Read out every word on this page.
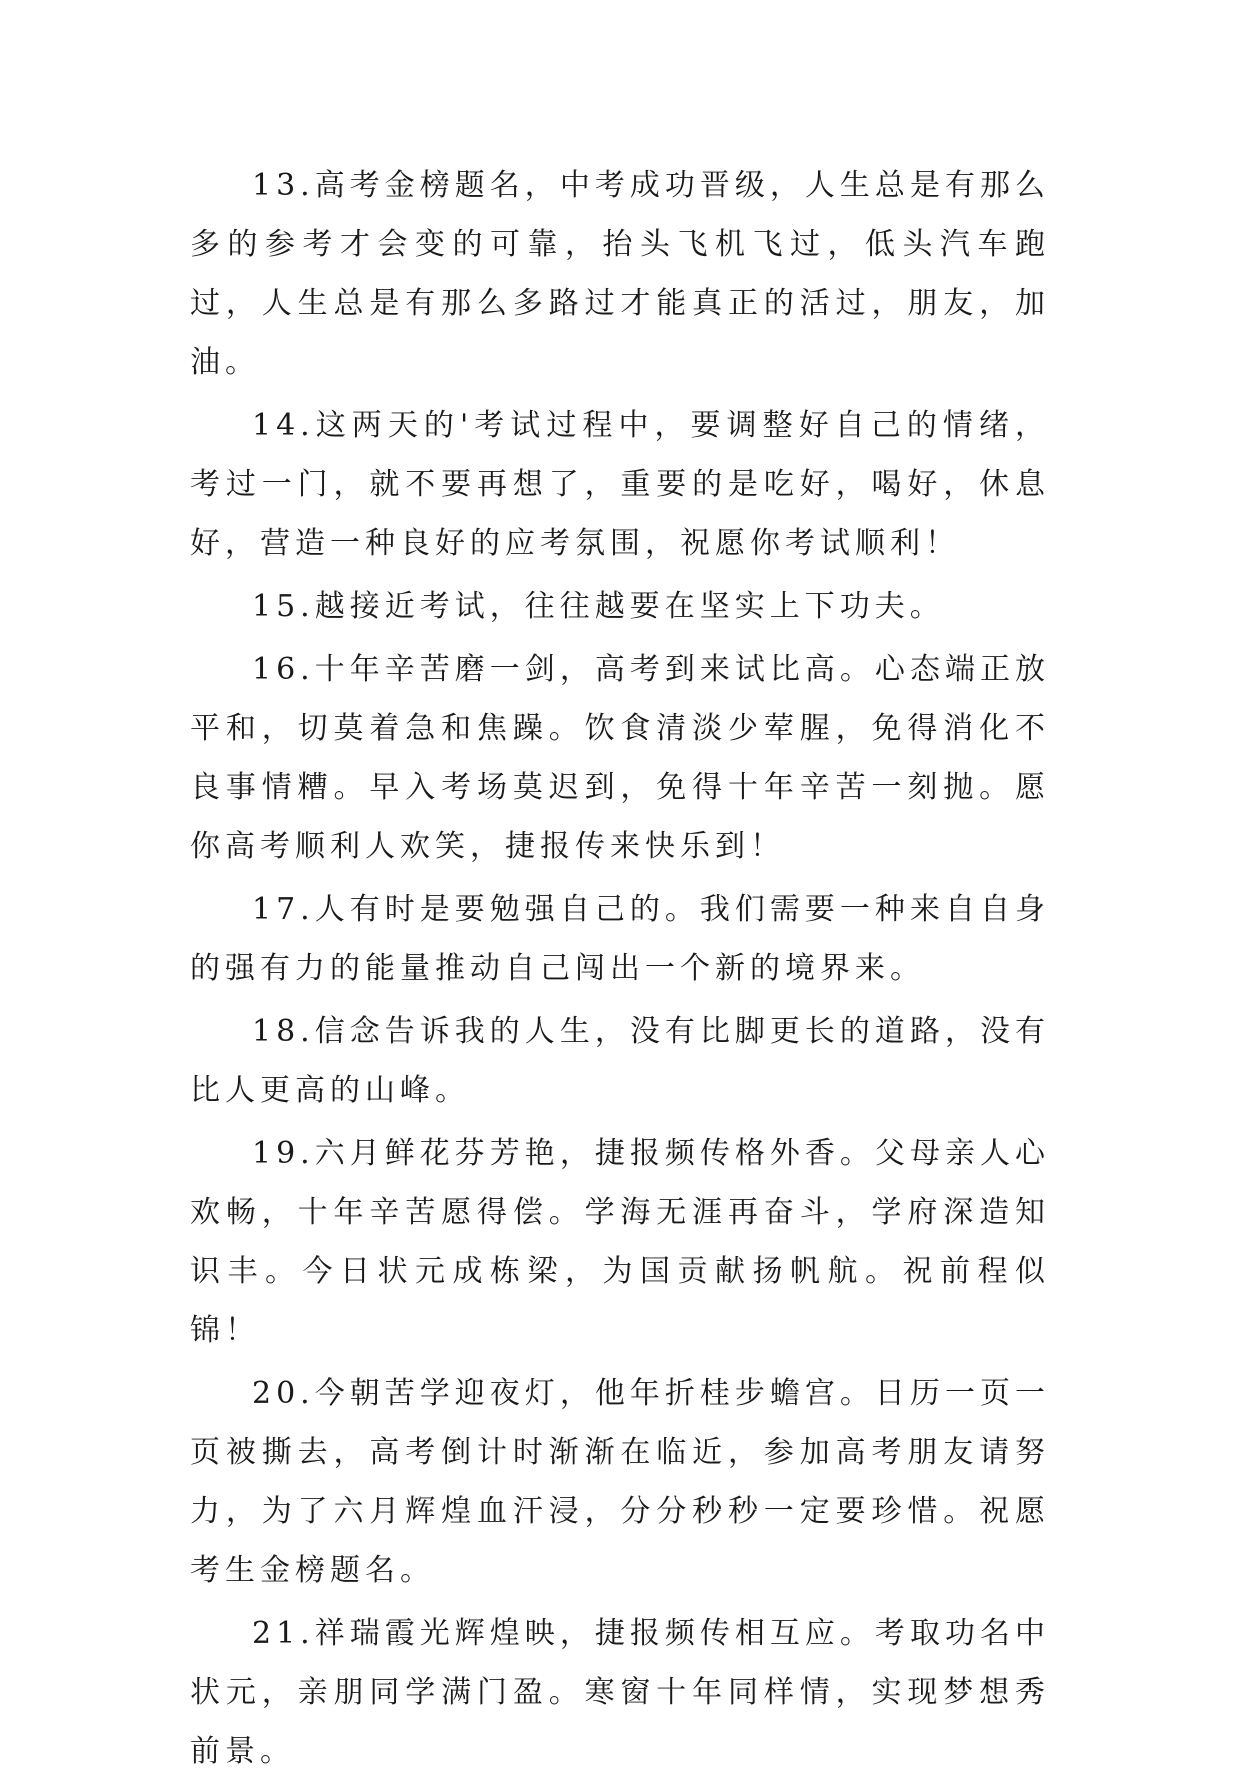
13.高考金榜题名，中考成功晋级，人生总是有那么多的参考才会变的可靠，抬头飞机飞过，低头汽车跑过，人生总是有那么多路过才能真正的活过，朋友，加油。

14.这两天的'考试过程中，要调整好自己的情绪，考过一门，就不要再想了，重要的是吃好，喝好，休息好，营造一种良好的应考氛围，祝愿你考试顺利！

15.越接近考试，往往越要在坚实上下功夫。

16.十年辛苦磨一剑，高考到来试比高。心态端正放平和，切莫着急和焦躁。饮食清淡少荤腥，免得消化不良事情糟。早入考场莫迟到，免得十年辛苦一刻抛。愿你高考顺利人欢笑，捷报传来快乐到！

17.人有时是要勉强自己的。我们需要一种来自自身的强有力的能量推动自己闯出一个新的境界来。

18.信念告诉我的人生，没有比脚更长的道路，没有比人更高的山峰。

19.六月鲜花芬芳艳，捷报频传格外香。父母亲人心欢畅，十年辛苦愿得偿。学海无涯再奋斗，学府深造知识丰。今日状元成栋梁，为国贡献扬帆航。祝前程似锦！

20.今朝苦学迎夜灯，他年折桂步蟾宫。日历一页一页被撕去，高考倒计时渐渐在临近，参加高考朋友请努力，为了六月辉煌血汗浸，分分秒秒一定要珍惜。祝愿考生金榜题名。

21.祥瑞霞光辉煌映，捷报频传相互应。考取功名中状元，亲朋同学满门盈。寒窗十年同样情，实现梦想秀前景。
